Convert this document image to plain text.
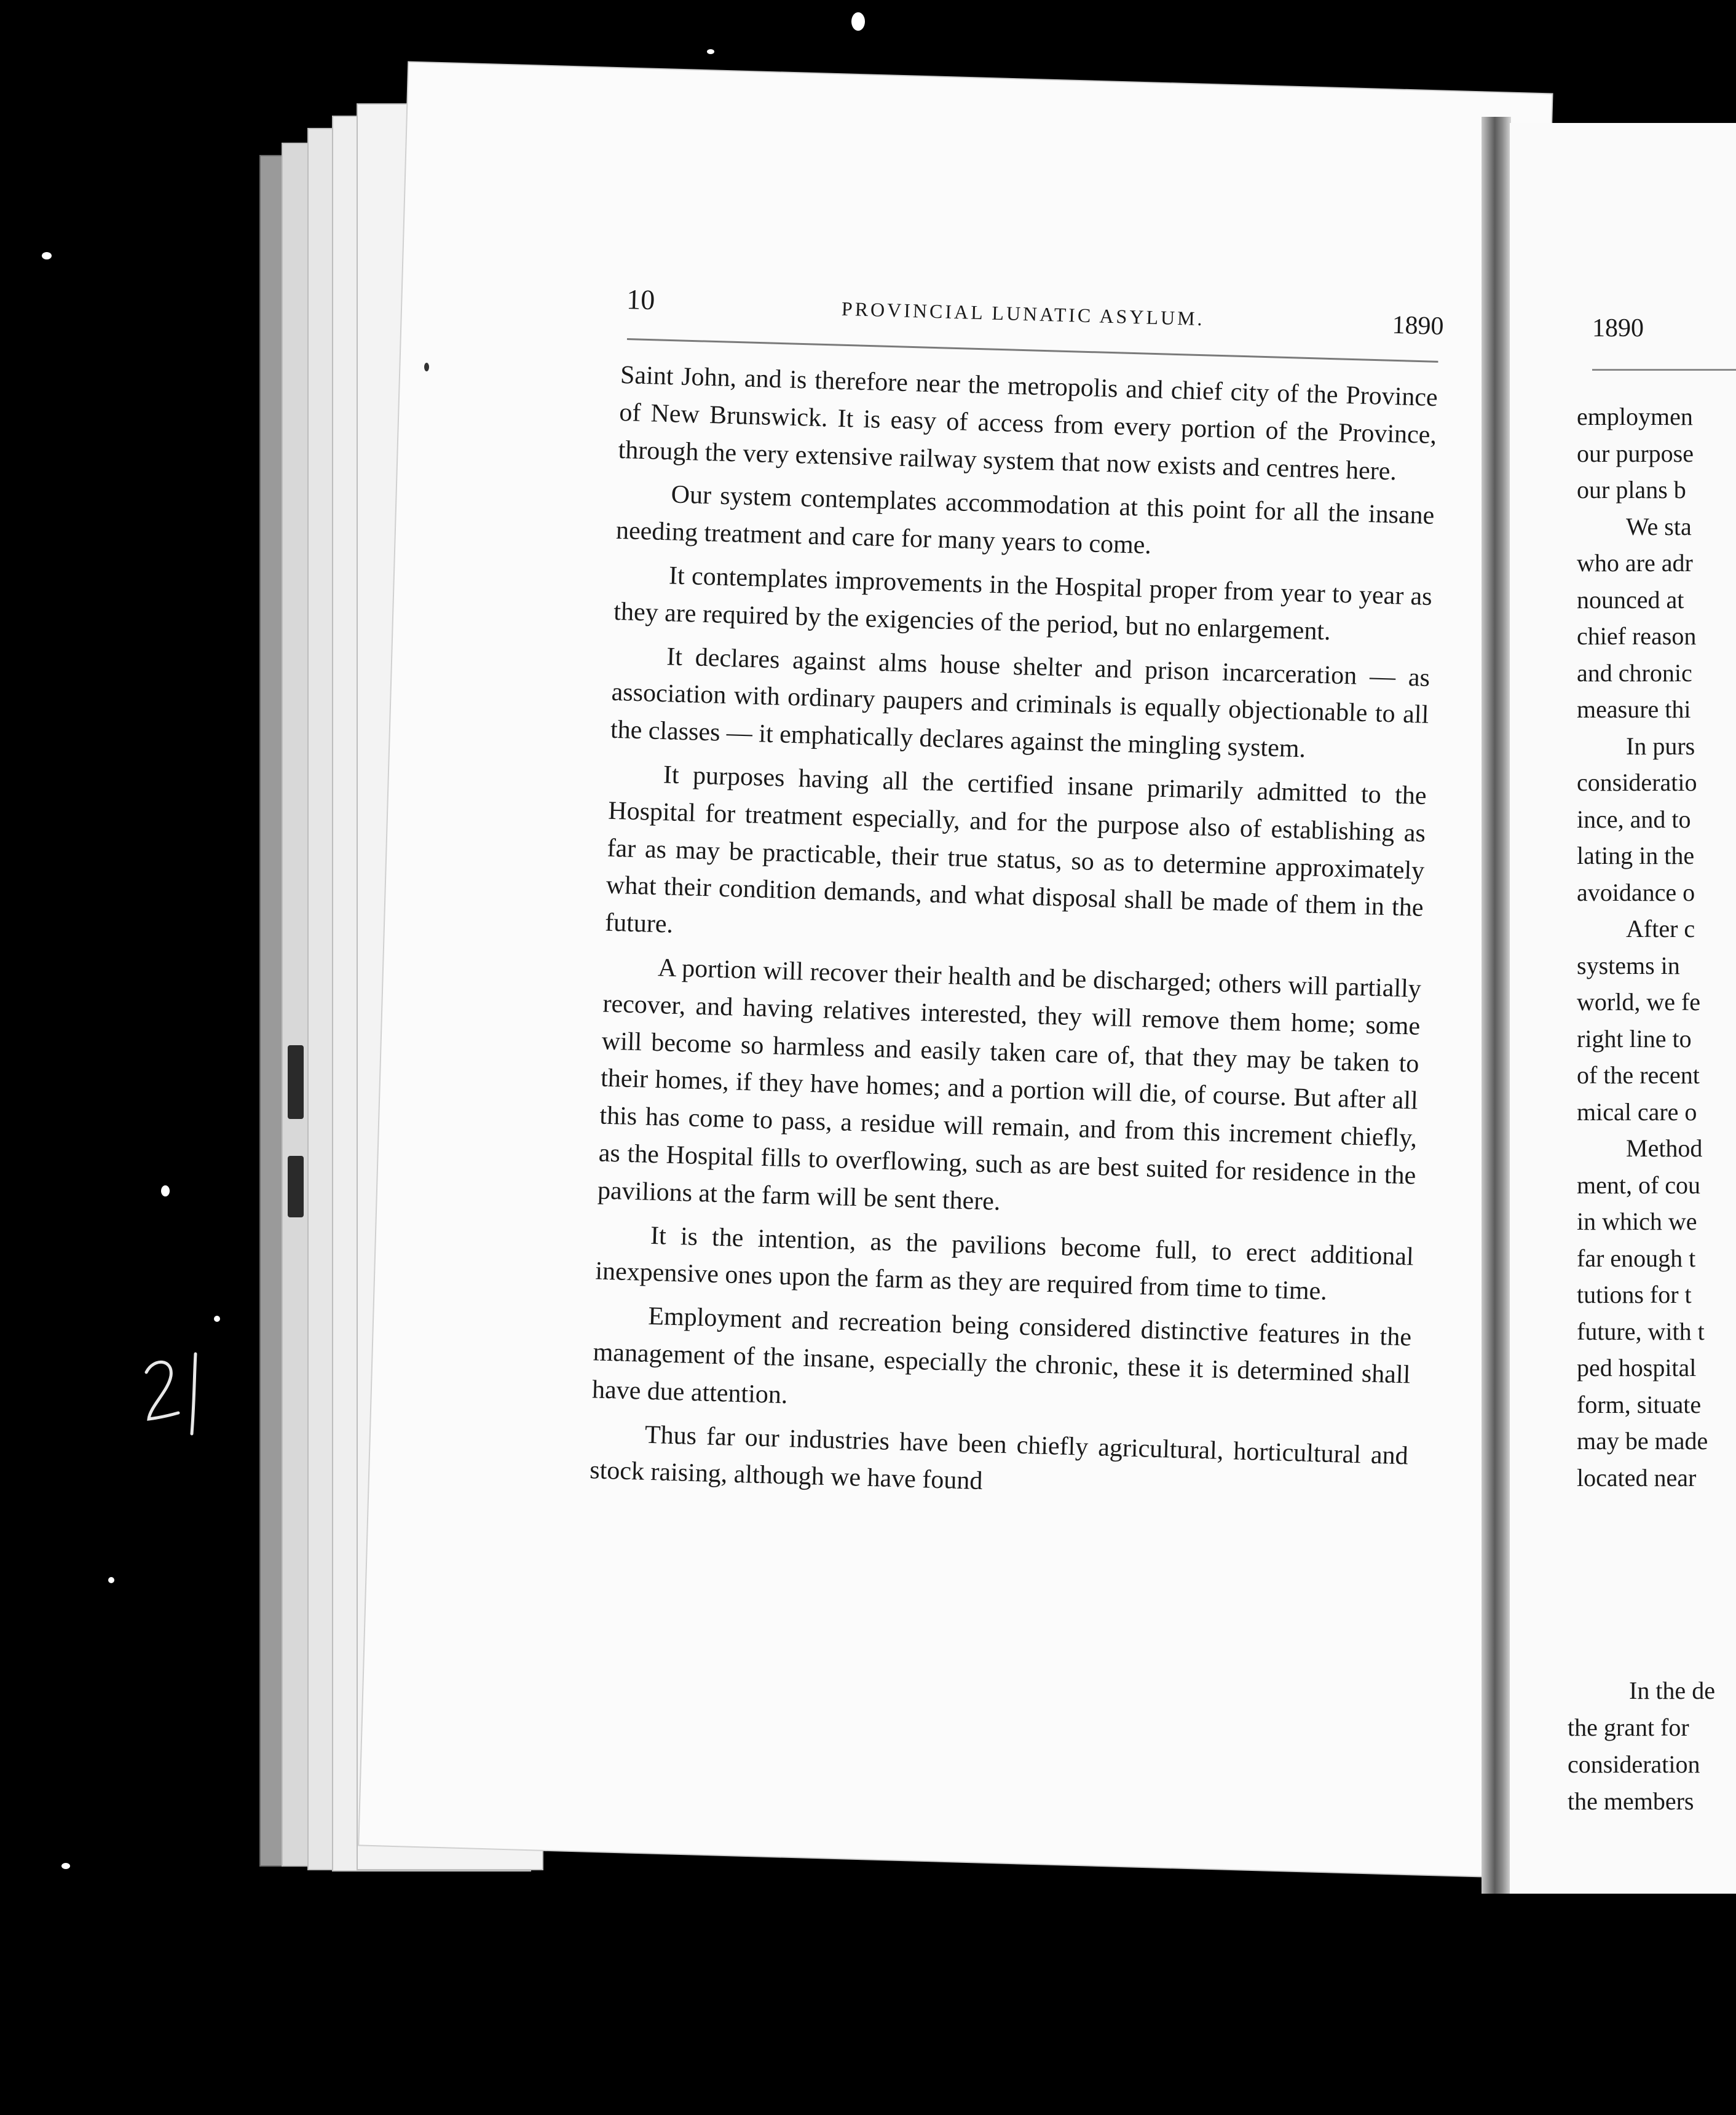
10	PROVINCIAL LUNATIC ASYLUM.	1890

Saint John, and is therefore near the metropolis and chief city of the Province of New Brunswick. It is easy of access from every portion of the Province, through the very extensive railway system that now exists and centres here.

Our system contemplates accommodation at this point for all the insane needing treatment and care for many years to come.

It contemplates improvements in the Hospital proper from year to year as they are required by the exigencies of the period, but no enlargement.

It declares against alms house shelter and prison incarceration — as association with ordinary paupers and criminals is equally objectionable to all the classes — it emphatically declares against the mingling system.

It purposes having all the certified insane primarily admitted to the Hospital for treatment especially, and for the purpose also of establishing as far as may be practicable, their true status, so as to determine approximately what their condition demands, and what disposal shall be made of them in the future.

A portion will recover their health and be discharged; others will partially recover, and having relatives interested, they will remove them home; some will become so harmless and easily taken care of, that they may be taken to their homes, if they have homes; and a portion will die, of course. But after all this has come to pass, a residue will remain, and from this increment chiefly, as the Hospital fills to overflowing, such as are best suited for residence in the pavilions at the farm will be sent there.

It is the intention, as the pavilions become full, to erect additional inexpensive ones upon the farm as they are required from time to time.

Employment and recreation being considered distinctive features in the management of the insane, especially the chronic, these it is determined shall have due attention.

Thus far our industries have been chiefly agricultural, horticultural and stock raising, although we have found

1890
employmen
our purpose
our plans b
We sta
who are adr
nounced at
chief reason
and chronic
measure thi
In purs
consideratio
ince, and to
lating in the
avoidance o
After c
systems in
world, we fe
right line to
of the recent
mical care o
Method
ment, of cou
in which we
far enough t
tutions for t
future, with t
ped hospital
form, situate
may be made
located near
In the de
the grant for
consideration
the members
